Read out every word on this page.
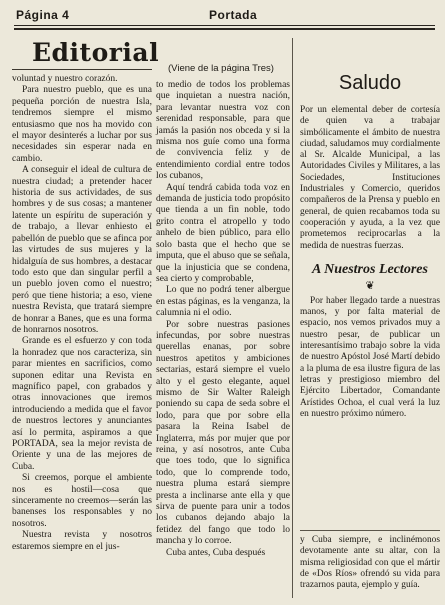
Página 4	Portada
Editorial

voluntad y nuestro corazón.

Para nuestro pueblo, que es una pequeña porción de nuestra Isla, tendremos siempre el mismo entusiasmo que nos ha movido con el mayor desinterés a luchar por sus necesidades sin esperar nada en cambio.

A conseguir el ideal de cultura de nuestra ciudad; a pretender hacer historia de sus actividades, de sus hombres y de sus cosas; a mantener latente un espíritu de superación y de trabajo, a llevar enhiesto el pabellón de pueblo que se afinca por las virtudes de sus mujeres y la hidalguía de sus hombres, a destacar todo esto que dan singular perfil a un pueblo joven como el nuestro; peró que tiene historia; a eso, viene nuestra Revista, que tratará siempre de honrar a Banes, que es una forma de honrarnos nosotros.

Grande es el esfuerzo y con toda la honradez que nos caracteriza, sin parar mientes en sacrificios, como suponen editar una Revista en magnífico papel, con grabados y otras innovaciones que iremos introduciendo a medida que el favor de nuestros lectores y anunciantes así lo permita, aspiramos a que PORTADA, sea la mejor revista de Oriente y una de las mejores de Cuba.

Si creemos, porque el ambiente nos es hostil—cosa que sinceramente no creemos—serán las banenses los responsables y no nosotros.

Nuestra revista y nosotros estaremos siempre en el jus-

(Viene de la página Tres)

to medio de todos los problemas que inquietan a nuestra nación, para levantar nuestra voz con serenidad responsable, para que jamás la pasión nos obceda y si la misma nos guíe como una forma de convivencia feliz y de entendimiento cordial entre todos los cubanos,

Aquí tendrá cabida toda voz en demanda de justicia todo propósito que tienda a un fin noble, todo grito contra el atropello y todo anhelo de bien público, para ello solo basta que el hecho que se imputa, que el abuso que se señala, que la injusticia que se condena, sea cierto y comprobable,

Lo que no podrá tener albergue en estas páginas, es la venganza, la calumnia ni el odio.

Por sobre nuestras pasiones infecundas, por sobre nuestras querellas enanas, por sobre nuestros apetitos y ambiciones sectarias, estará siempre el vuelo alto y el gesto elegante, aquel mismo de Sir Walter Raleigh poniendo su capa de seda sobre el lodo, para que por sobre ella pasara la Reina Isabel de Inglaterra, más por mujer que por reina, y así nosotros, ante Cuba que toes todo, que lo significa todo, que lo comprende todo, nuestra pluma estará siempre presta a inclinarse ante ella y que sirva de puente para unir a todos los cubanos dejando abajo la fetidez del fango que todo lo mancha y lo corroe.

Cuba antes, Cuba después

Saludo

Por un elemental deber de cortesía de quien va a trabajar simbólicamente el ámbito de nuestra ciudad, saludamos muy cordialmente al Sr. Alcalde Municipal, a las Autoridades Civiles y Militares, a las Sociedades, Instituciones Industriales y Comercio, queridos compañeros de la Prensa y pueblo en general, de quien recabamos toda su cooperación y ayuda, a la vez que prometemos reciprocarlas a la medida de nuestras fuerzas.

A Nuestros Lectores
❦

Por haber llegado tarde a nuestras manos, y por falta material de espacio, nos vemos privados muy a nuestro pesar, de publicar un interesantísimo trabajo sobre la vida de nuestro Apóstol José Martí debido a la pluma de esa ilustre figura de las letras y prestigioso miembro del Ejército Libertador, Comandante Arístides Ochoa, el cual verá la luz en nuestro próximo número.

y Cuba siempre, e inclinémonos devotamente ante su altar, con la misma religiosidad con que el mártir de «Dos Ríos» ofrendó su vida para trazarnos pauta, ejemplo y guía.
